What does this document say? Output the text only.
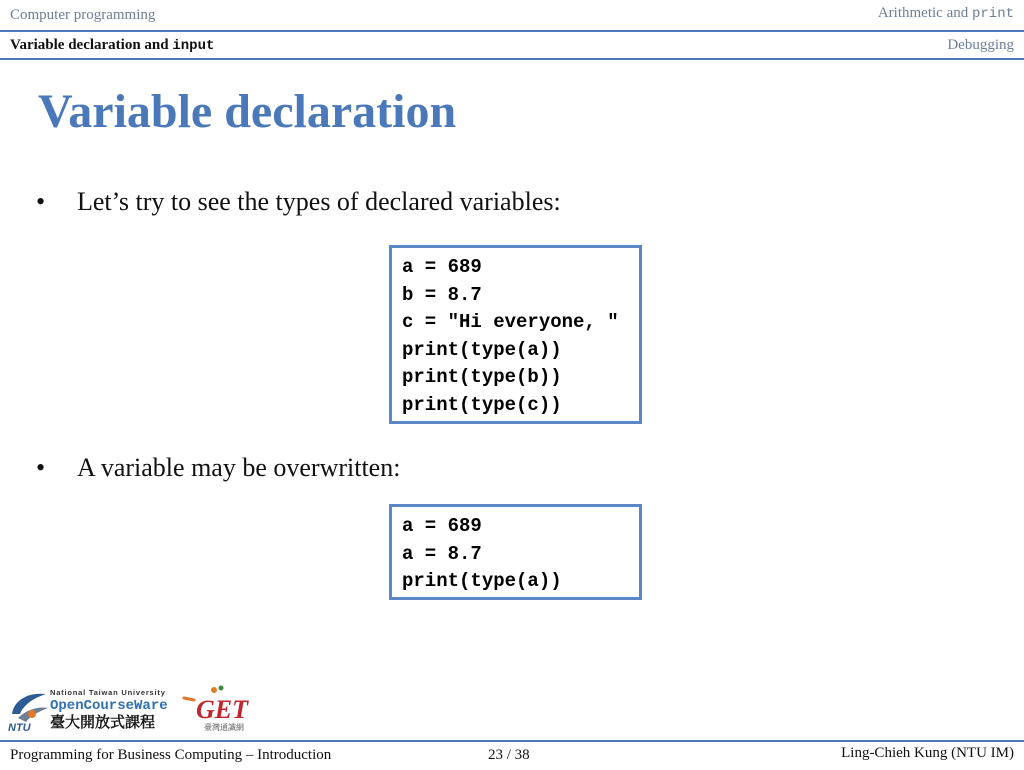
Computer programming	Arithmetic and print
Variable declaration and input	Debugging
Variable declaration
• Let’s try to see the types of declared variables:
a = 689
b = 8.7
c = "Hi everyone, "
print(type(a))
print(type(b))
print(type(c))
• A variable may be overwritten:
a = 689
a = 8.7
print(type(a))
NTU
National Taiwan University
OpenCourseWare
臺大開放式課程 GET
臺灣通識網
Programming for Business Computing – Introduction	23 / 38	Ling-Chieh Kung (NTU IM)
